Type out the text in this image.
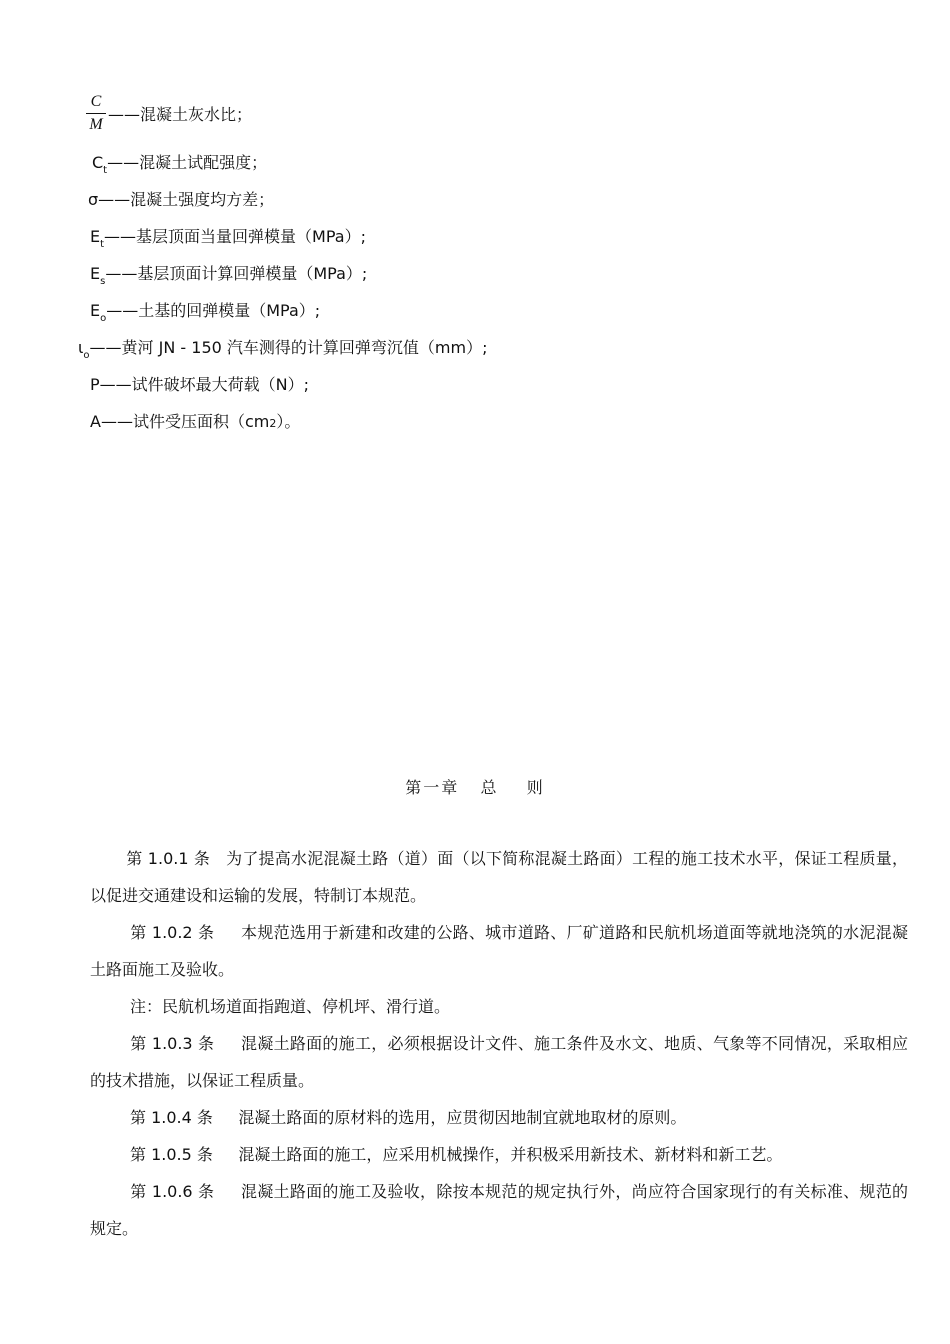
C
M
——混凝土灰水比；
$C_t——$混凝土试配强度；
σ——混凝土强度均方差；
$E_t——$基层顶面当量回弹模量（MPa）;
$E_s——$基层顶面计算回弹模量（MPa）;
$E_o——$土基的回弹模量（MPa）;
$\iota_o——$黄河 JN - 150 汽车测得的计算回弹弯沉值（mm）;
P——试件破坏最大荷载（N）;
A——试件受压面积（cm2）。
第一章   总    则
第 1.0.1 条 为了提高水泥混凝土路（道）面（以下简称混凝土路面）工程的施工技术水平，保证工程质量，以促进交通建设和运输的发展，特制订本规范。
第 1.0.2 条 本规范选用于新建和改建的公路、城市道路、厂矿道路和民航机场道面等就地浇筑的水泥混凝土路面施工及验收。
注：民航机场道面指跑道、停机坪、滑行道。
第 1.0.3 条 混凝土路面的施工，必须根据设计文件、施工条件及水文、地质、气象等不同情况，采取相应的技术措施，以保证工程质量。
第 1.0.4 条 混凝土路面的原材料的选用，应贯彻因地制宜就地取材的原则。
第 1.0.5 条 混凝土路面的施工，应采用机械操作，并积极采用新技术、新材料和新工艺。
第 1.0.6 条 混凝土路面的施工及验收，除按本规范的规定执行外，尚应符合国家现行的有关标准、规范的规定。
